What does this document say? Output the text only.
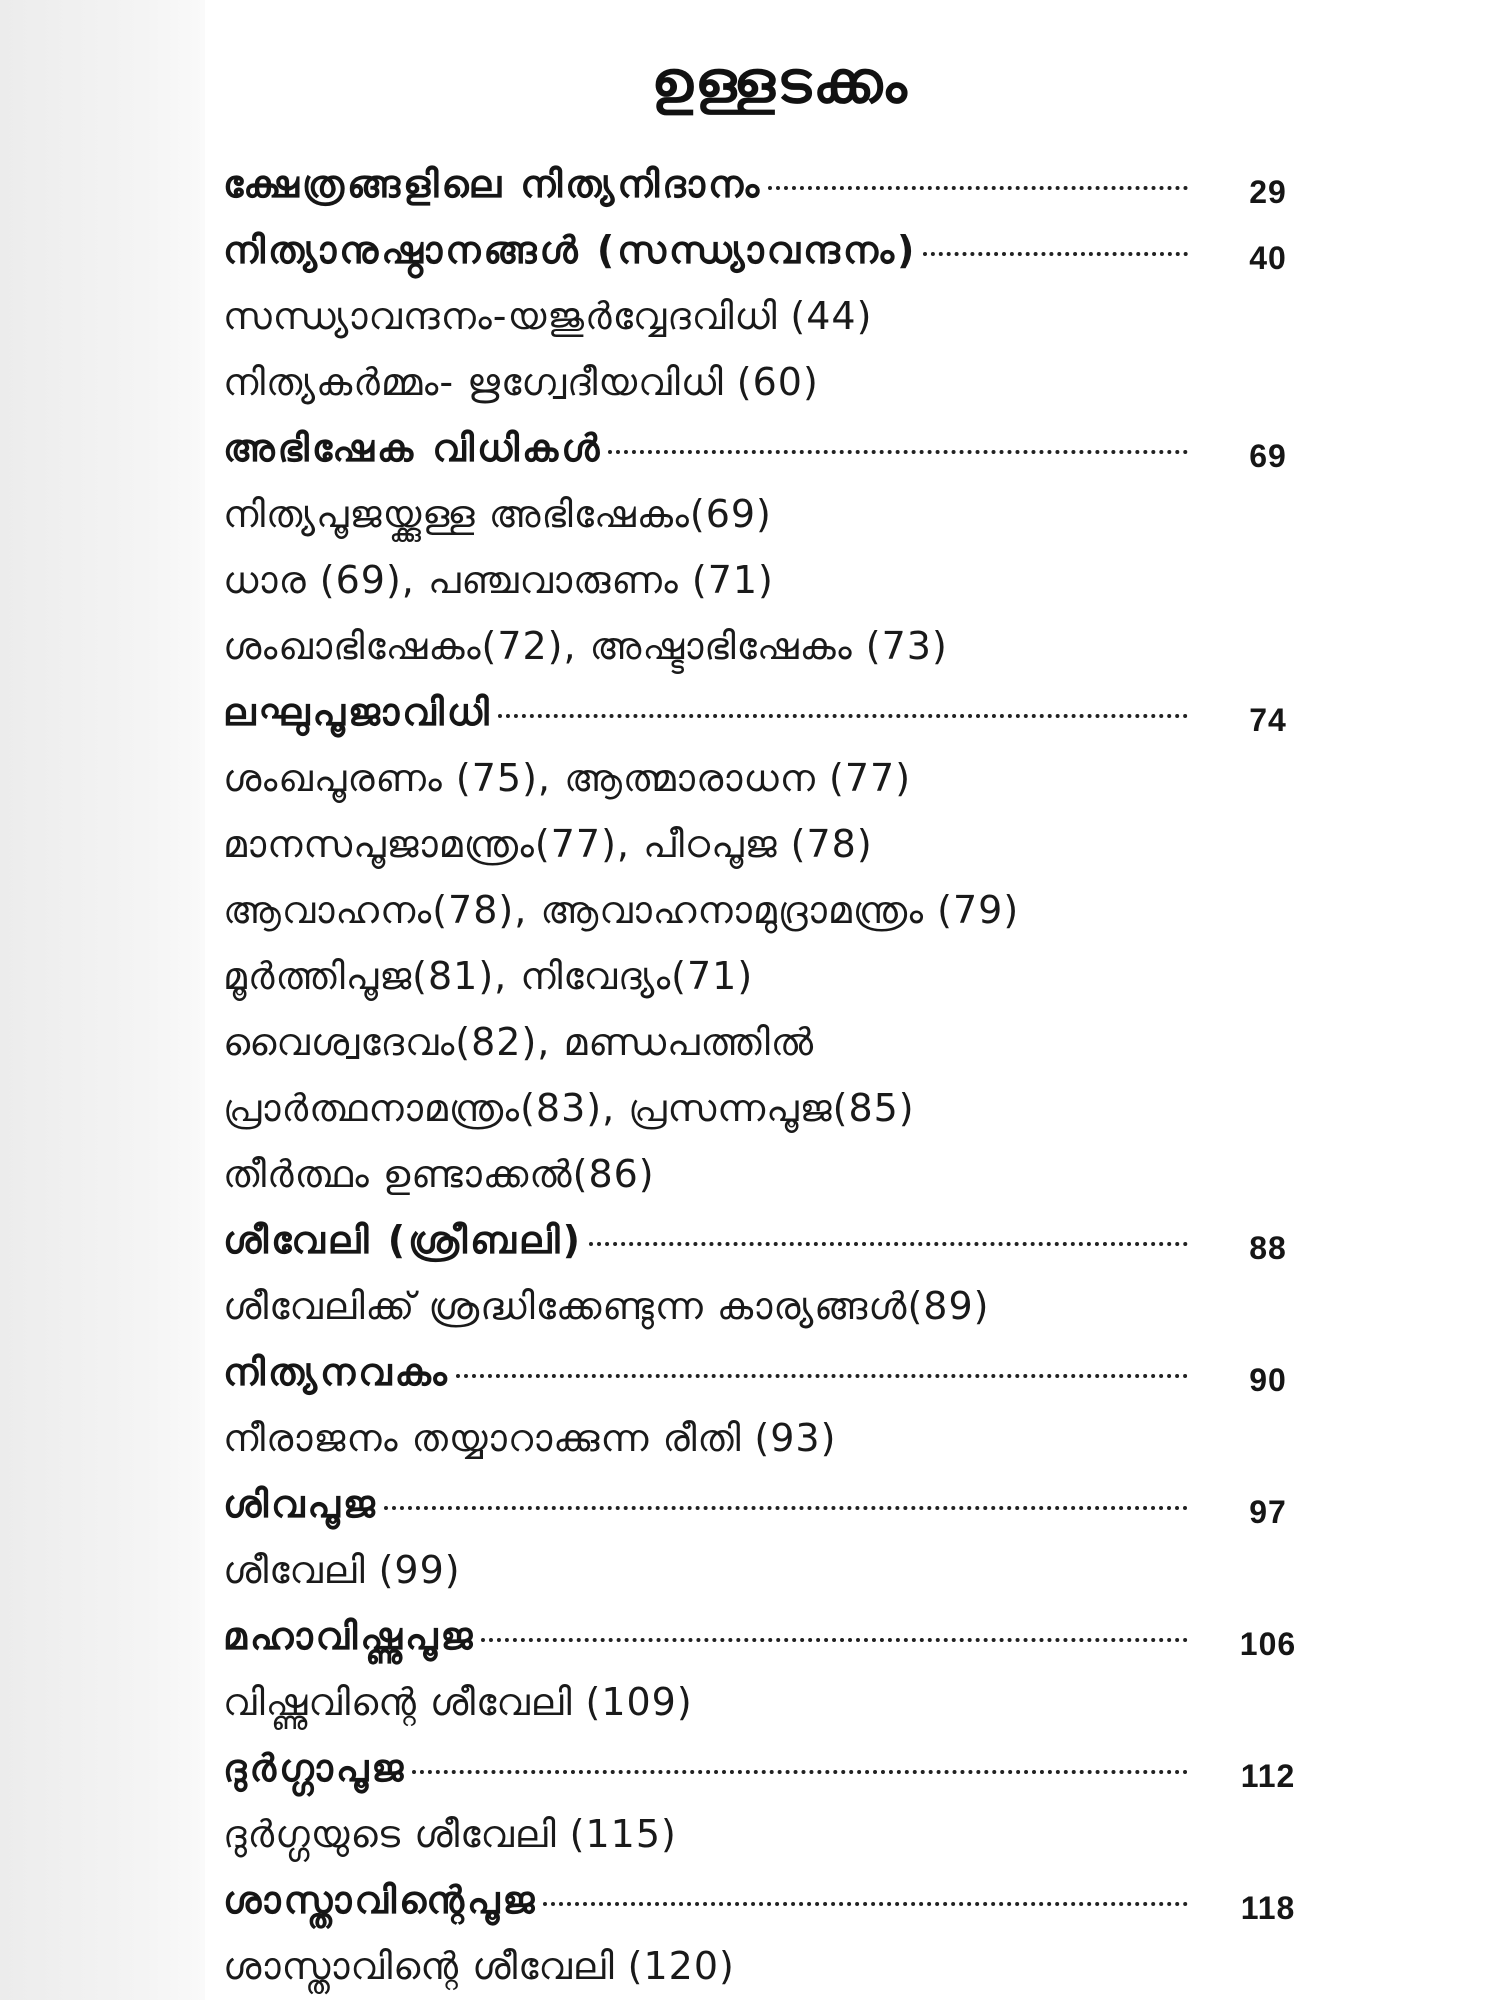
ഉള്ളടക്കം
ക്ഷേത്രങ്ങളിലെ നിത്യനിദാനം	29
നിത്യാനുഷ്ഠാനങ്ങൾ (സന്ധ്യാവന്ദനം)	40
സന്ധ്യാവന്ദനം-യജുർവ്വേദവിധി (44)
നിത്യകർമ്മം- ഋഗ്വേദീയവിധി (60)
അഭിഷേക വിധികൾ	69
നിത്യപൂജയ്ക്കുള്ള അഭിഷേകം(69)
ധാര (69), പഞ്ചവാരുണം (71)
ശംഖാഭിഷേകം(72), അഷ്ടാഭിഷേകം (73)
ലഘുപൂജാവിധി	74
ശംഖപൂരണം (75), ആത്മാരാധന (77)
മാനസപൂജാമന്ത്രം(77), പീഠപൂജ (78)
ആവാഹനം(78), ആവാഹനാമുദ്രാമന്ത്രം (79)
മൂർത്തിപൂജ(81), നിവേദ്യം(71)
വൈശ്വദേവം(82), മണ്ഡപത്തിൽ
പ്രാർത്ഥനാമന്ത്രം(83), പ്രസന്നപൂജ(85)
തീർത്ഥം ഉണ്ടാക്കൽ(86)
ശീവേലി (ശ്രീബലി)	88
ശീവേലിക്ക് ശ്രദ്ധിക്കേണ്ടുന്ന കാര്യങ്ങൾ(89)
നിത്യനവകം	90
നീരാജനം തയ്യാറാക്കുന്ന രീതി (93)
ശിവപൂജ	97
ശീവേലി (99)
മഹാവിഷ്ണുപൂജ	106
വിഷ്ണുവിന്റെ ശീവേലി (109)
ദുർഗ്ഗാപൂജ	112
ദുർഗ്ഗയുടെ ശീവേലി (115)
ശാസ്താവിന്റെപൂജ	118
ശാസ്താവിന്റെ ശീവേലി (120)
